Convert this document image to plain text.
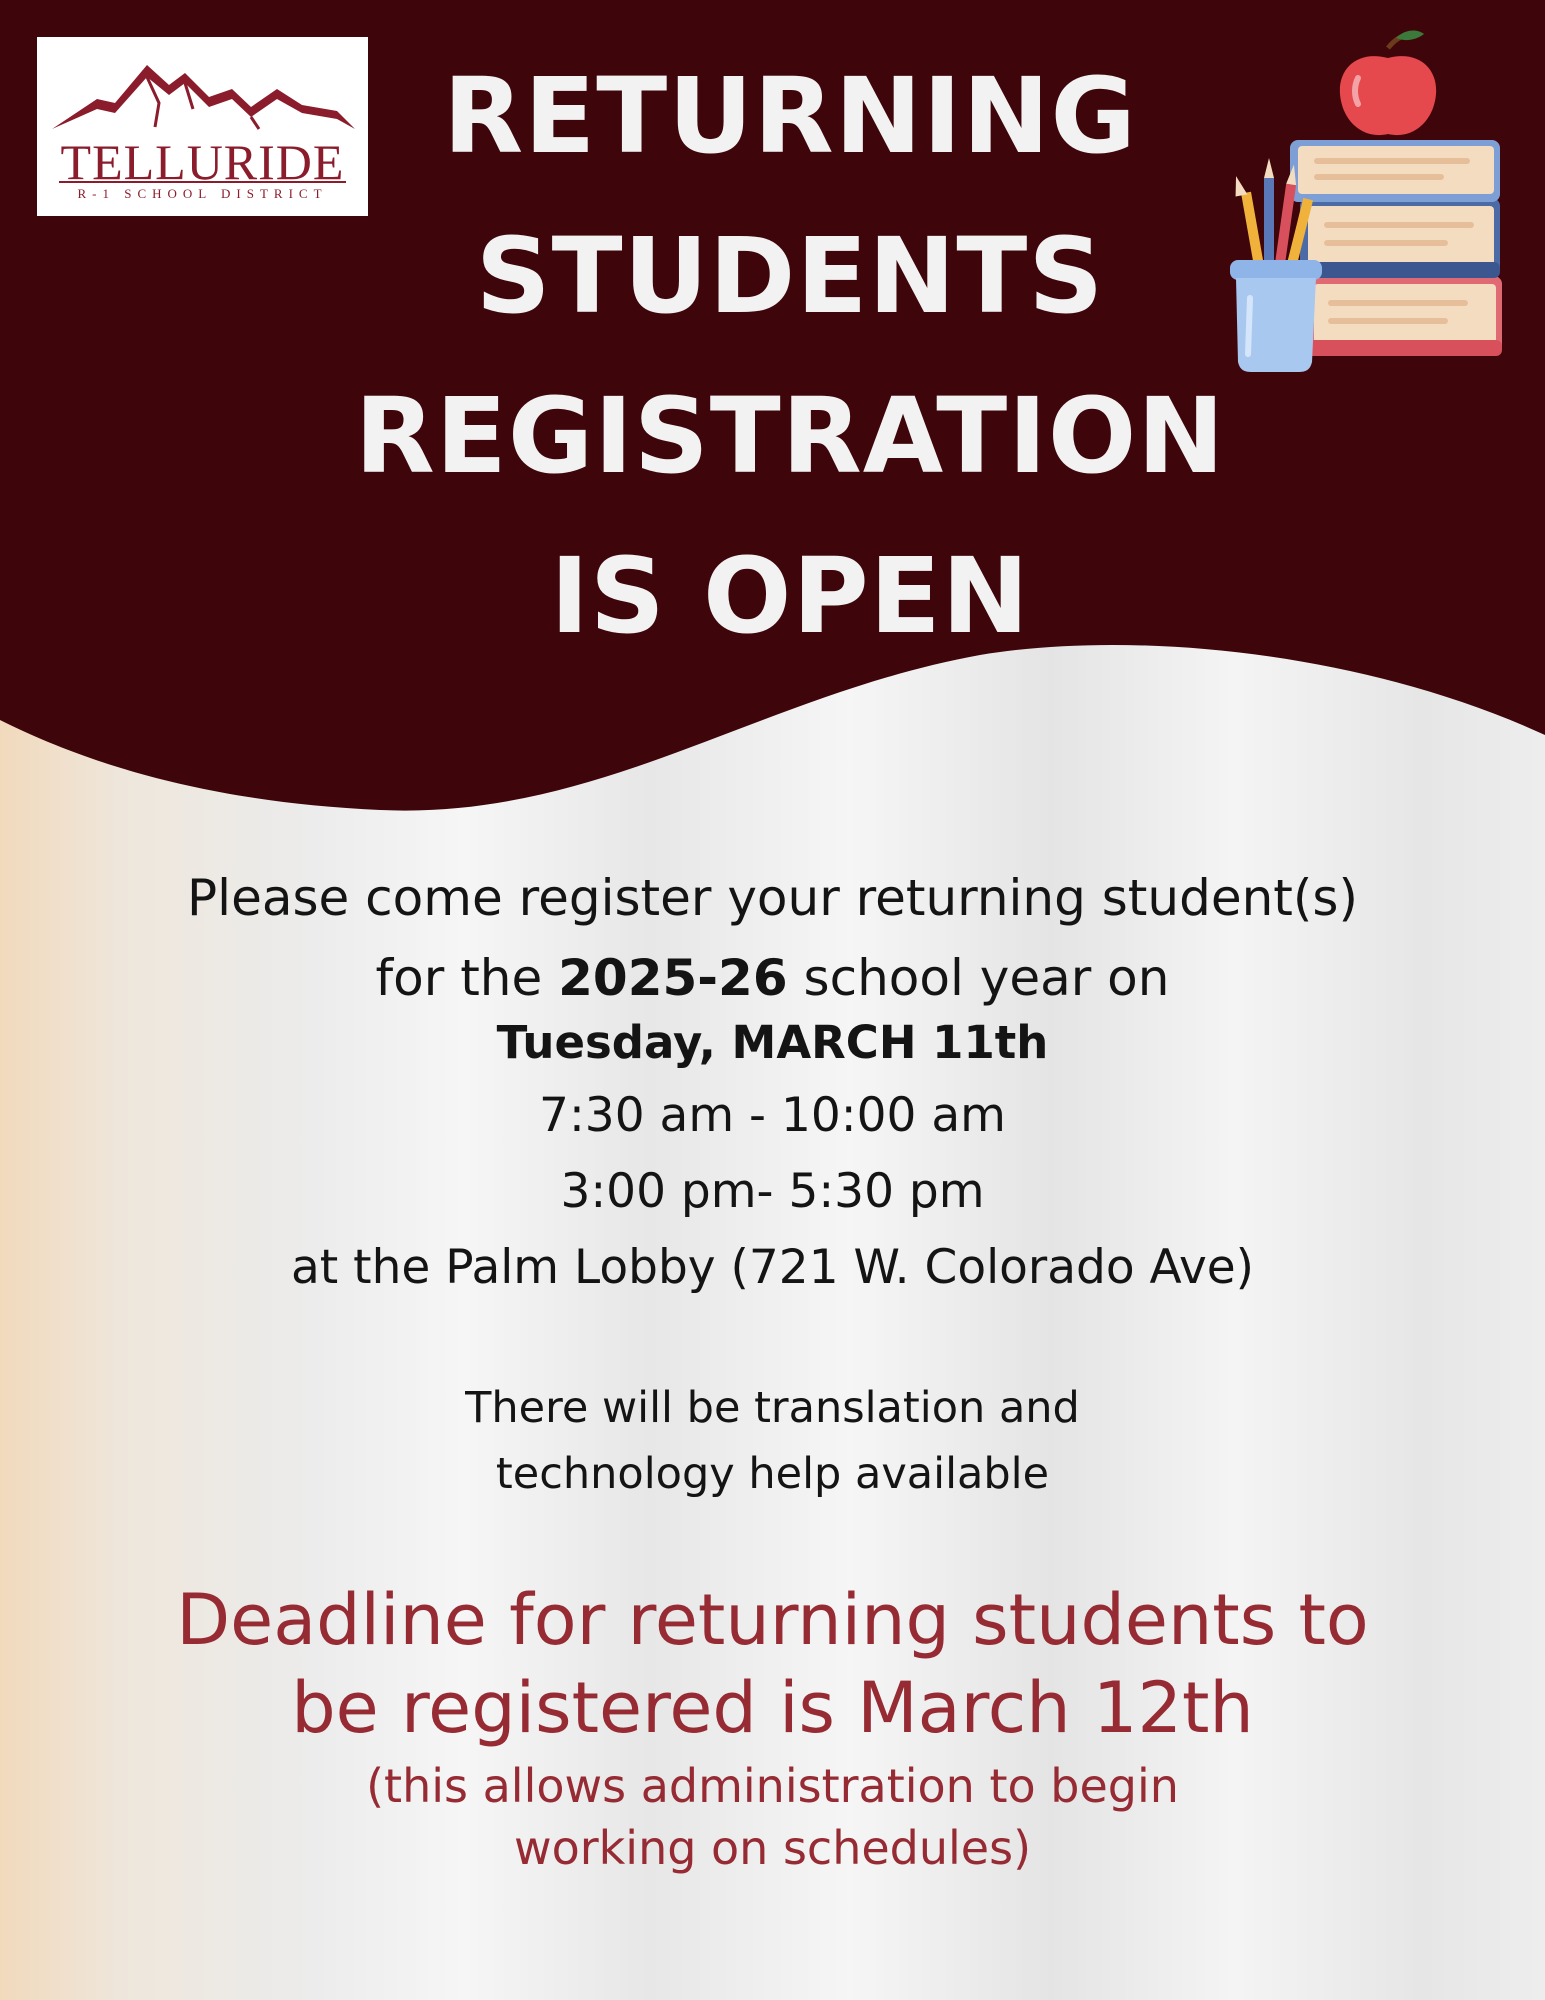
TELLURIDE
R-1 SCHOOL DISTRICT
RETURNING
STUDENTS
REGISTRATION
IS OPEN
Please come register your returning student(s)
for the 2025-26 school year on
Tuesday, MARCH 11th
7:30 am - 10:00 am
3:00 pm- 5:30 pm
at the Palm Lobby (721 W. Colorado Ave)
There will be translation and
technology help available
Deadline for returning students to
be registered is March 12th
(this allows administration to begin
working on schedules)
